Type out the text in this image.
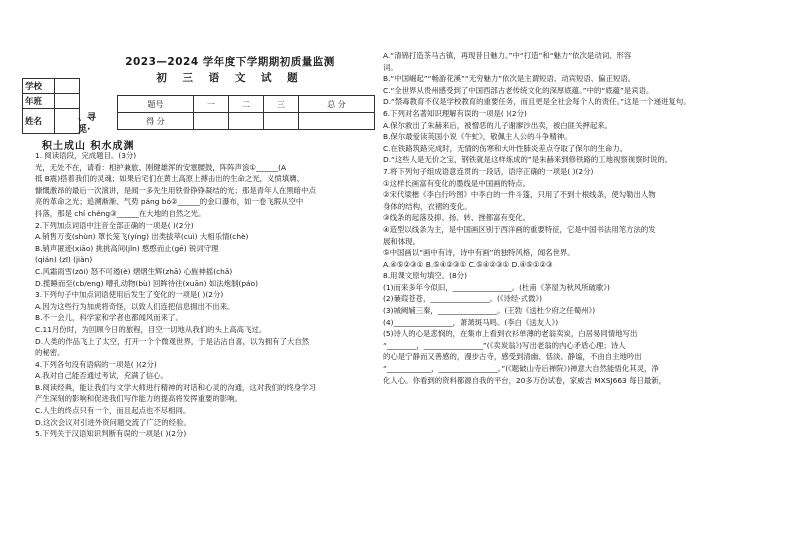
学校	
年班	
姓名	
2023—2024 学年度下学期期初质量监测
初 三 语 文 试 题
题号	一	二	三	总 分
得 分				
、寻
觅·
积土成山 积水成渊

1. 阅读语段，完成题目。(3分)

光，无处不在，请看：相护兼旅、刚健雄浑的安塞腰鼓，阵阵声浪①______(A

抵 B震)搭着我们的灵魂；如果后宅们在黄土高原上搏击出的生命之光，义愤填膺、

慷慨激昂的最后一次演讲，是闻一多先生用铁骨铮铮凝结的光；那是青年人在黑暗中点

亮的革命之光；追溯渐渐、气势 páng bó②______的金口瀑布，如一卷飞瑕从空中

抖落，那是 chí chěng③______在大地的自然之光。

2.下列加点词语中注音全部正确的一项是( )(2分)

A.销售万变(shùn) 罩长笼飞(yíng) 出类拔萃(cuì) 大相乐情(chè)

B.销声匿迹(xiāo) 挑挑高间(jǐn) 憨憨而止(gē) 锐词守理

(qián) (zī) (jiàn)

C.风霜雨雪(zōi) 怒不可遏(è) 熠熠生辉(zhā) 心旌神摇(chǎ)

D.揽睡而至(cb/eng) 嘈孔动物(bù) 回眸待往(xuān) 如法炮制(páo)

3.下列句子中加点词语使用后发生了变化的一项是( )(2分)

A.因为这些行为加虎将奇怪，以致人们连把信息拥出不出来。

B.不一会儿，科学家和学者也都闻风而来了。

C.11月份时，为回顾今日的旅程，目空一切地从我们的头上高高飞过。

D.人类的作品飞上了太空，打开一个个微观世界，于是沾沾自喜，以为拥有了大自然

的秘密。

4.下列各句没有语病的一项是( )(2分)

A.我对自己能否通过考试，充满了信心。

B.阅读经典，能让我们与文学大师进行精神的对话和心灵的沟通，这对我们的终身学习

产生深刻的影响和促进我们写作能力的提高将发挥重要的影响。

C.人生的终点只有一个，而且起点也不尽相同。

D.这次会议对引进外资问题交流了广泛的经验。

5.下列关于汉语知识判断有误的一项是( )(2分)

A.“清锦打造茶马古镇，再现昔日魅力。”中“打造”和“魅力”依次是动词、形容

词。

B.“中国崛起”“畅游花溪”“无穷魅力”依次是主谓短语、动宾短语、偏正短语。

C.“全世界从贵州感受到了中国西部古老传统文化的深厚底蕴。”中的“底蕴”是宾语。

D.“禁毒教育不仅是学校教育的重要任务，而且更是全社会每个人的责任。”这是一个递进复句。

6.下列对名著知识理解有误的一项是( )(2分)

A.保尔救出了朱赫来后，被憎恶的儿子谢廖沙出卖，被白匪关押起来。

B.保尔最爱读英国小说《牛虻》，敬佩主人公的斗争精神。

C.在铁路筑路完成时，无情的伤寒和大叶性肺炎差点夺取了保尔的生命力。

D.“这些人是无价之宝，钢铁就是这样炼成的”是朱赫来到修铁路的工地视察视察时说的。

7.将下列句子组成语意连贯的一段话，语序正确的一项是( )(2分)

①这样长画富有变化的墨线是中国画的特点。

②宋代梁楷《李白行吟图》中李白的一件斗篷，只用了不到十根线条，使勾勒出人物

身体的结构，衣褶的变化。

③线条的起落及抑、扬、转、挫都富有变化。

④造型以线条为主，是中国画区别于西洋画的重要特征，它是中国书法用笔方法的发

展和体现。

⑤中国画以“画中有诗，诗中有画”的独特风格，闻名世界。

A.④⑤②③① B.⑤④②③① C.⑤④②③① D.④⑤①②③

8.用课文原句填空。(8分)

(1)而来多年今似旧，________________。(杜甫《茅屋为秋风所破歌》)

(2)蒹葭苍苍，________________。(《诗经·式微》)

(3)城阙辅三秦，________________。(王勃《送杜少府之任蜀州》)

(4)________________，萧萧斑马鸣。(李白《送友人》)

(5)诗人的心是悲悯的，在集市上看到衣衫单薄的老翁卖炭，白居易同情地写出

“________，________________”(《卖炭翁》)写出老翁的内心矛盾心理；诗人

的心是宁静而又善感的，漫步古寺，感受到清幽、恬淡、静谧，不由自主地吟出

“____________，________________。”(《题破山寺后禅院》)禅意大自然能悟化其灵，净

化人心。你看到的资料都源自我的平台，20多万份试卷，家威吉 MXSJ663 每日最新，
